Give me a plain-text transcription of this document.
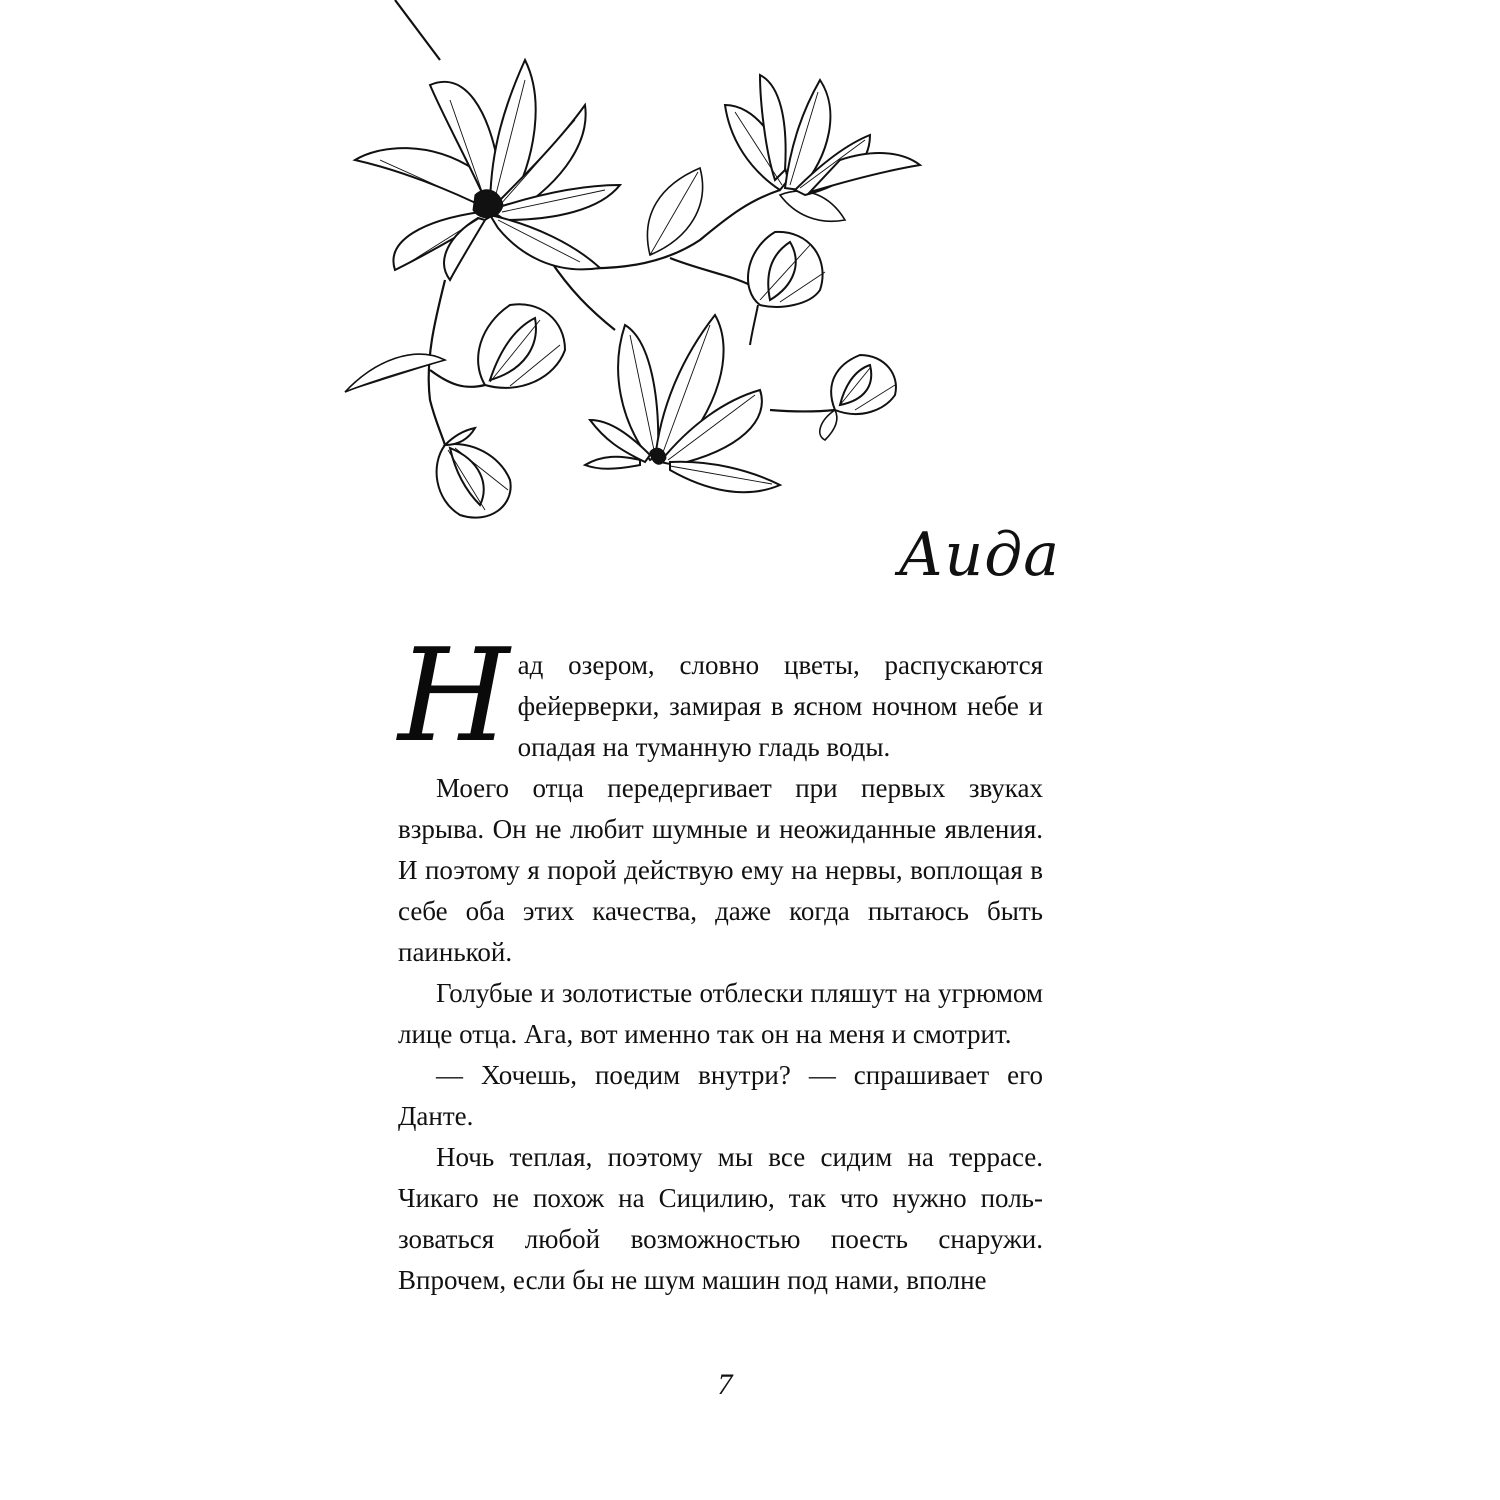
Аида

Над озером, словно цветы, распускаются фейерверки, замирая в ясном ночном небе и опадая на туманную гладь воды.

Моего отца передергивает при первых звуках взрыва. Он не любит шумные и неожиданные явления. И поэтому я порой действую ему на нервы, воплощая в себе оба этих качества, даже когда пытаюсь быть паинькой.

Голубые и золотистые отблески пляшут на угрюмом лице отца. Ага, вот именно так он на меня и смотрит.

— Хочешь, поедим внутри? — спрашивает его Данте.

Ночь теплая, поэтому мы все сидим на террасе. Чикаго не похож на Сицилию, так что нужно пользоваться любой возможностью поесть снаружи. Впрочем, если бы не шум машин под нами, вполне

7
